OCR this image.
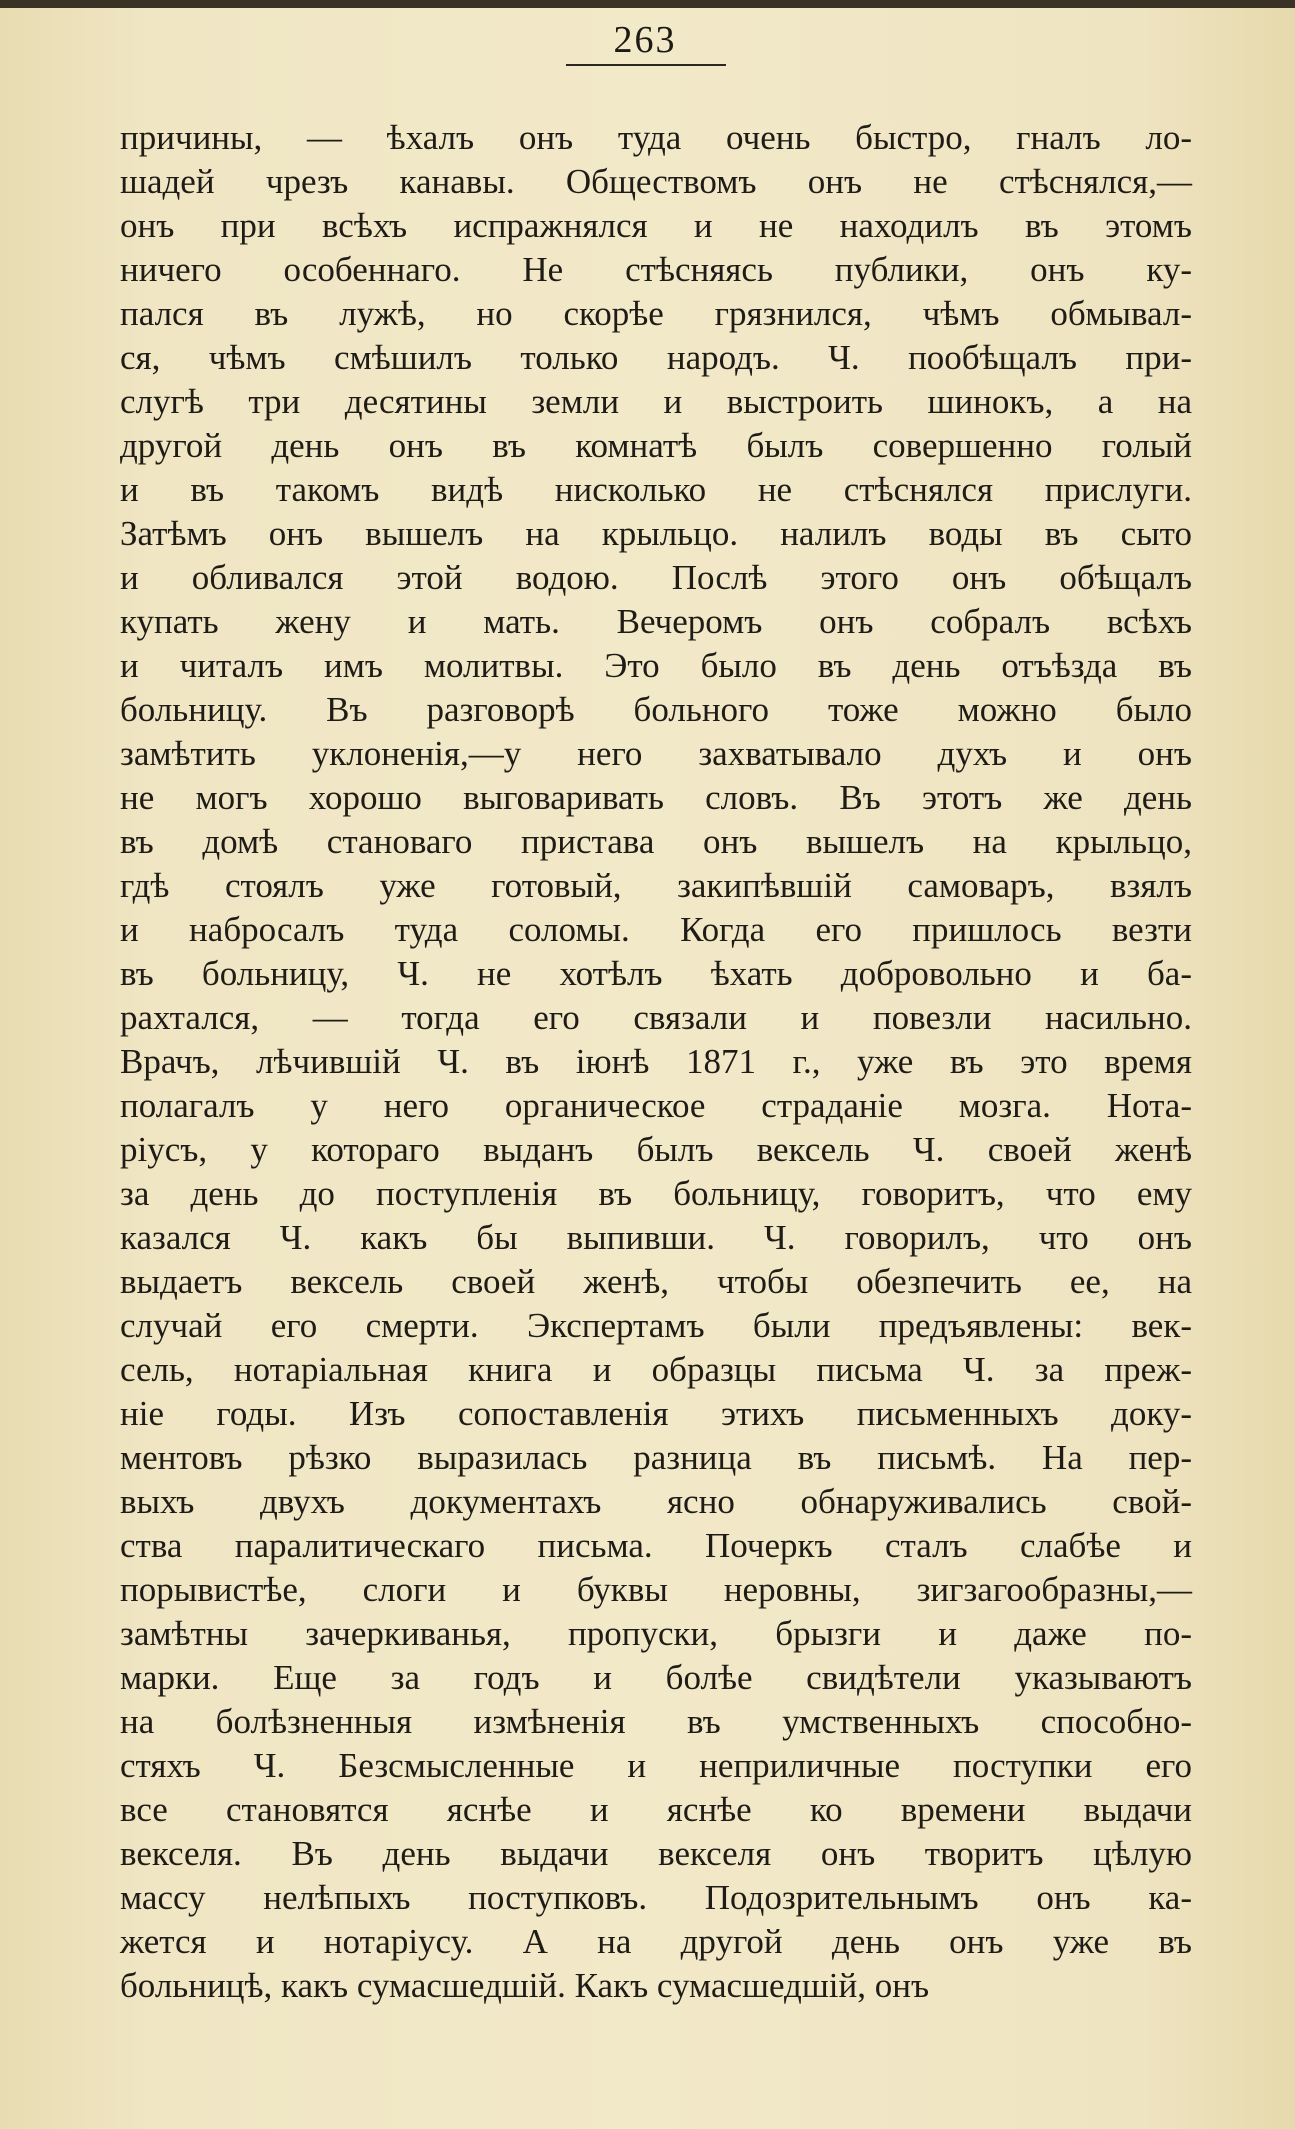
263
причины, — ѣхалъ онъ туда очень быстро, гналъ ло-
шадей чрезъ канавы. Обществомъ онъ не стѣснялся,—
онъ при всѣхъ испражнялся и не находилъ въ этомъ
ничего особеннаго. Не стѣсняясь публики, онъ ку-
пался въ лужѣ, но скорѣе грязнился, чѣмъ обмывал-
ся, чѣмъ смѣшилъ только народъ. Ч. пообѣщалъ при-
слугѣ три десятины земли и выстроить шинокъ, а на
другой день онъ въ комнатѣ былъ совершенно голый
и въ такомъ видѣ нисколько не стѣснялся прислуги.
Затѣмъ онъ вышелъ на крыльцо. налилъ воды въ сыто
и обливался этой водою. Послѣ этого онъ обѣщалъ
купать жену и мать. Вечеромъ онъ собралъ всѣхъ
и читалъ имъ молитвы. Это было въ день отъѣзда въ
больницу. Въ разговорѣ больного тоже можно было
замѣтить уклоненія,—у него захватывало духъ и онъ
не могъ хорошо выговаривать словъ. Въ этотъ же день
въ домѣ становаго пристава онъ вышелъ на крыльцо,
гдѣ стоялъ уже готовый, закипѣвшій самоваръ, взялъ
и набросалъ туда соломы. Когда его пришлось везти
въ больницу, Ч. не хотѣлъ ѣхать добровольно и ба-
рахтался, — тогда его связали и повезли насильно.
Врачъ, лѣчившій Ч. въ іюнѣ 1871 г., уже въ это время
полагалъ у него органическое страданіе мозга. Нота-
ріусъ, у котораго выданъ былъ вексель Ч. своей женѣ
за день до поступленія въ больницу, говоритъ, что ему
казался Ч. какъ бы выпивши. Ч. говорилъ, что онъ
выдаетъ вексель своей женѣ, чтобы обезпечить ее, на
случай его смерти. Экспертамъ были предъявлены: век-
сель, нотаріальная книга и образцы письма Ч. за преж-
ніе годы. Изъ сопоставленія этихъ письменныхъ доку-
ментовъ рѣзко выразилась разница въ письмѣ. На пер-
выхъ двухъ документахъ ясно обнаруживались свой-
ства паралитическаго письма. Почеркъ сталъ слабѣе и
порывистѣе, слоги и буквы неровны, зигзагообразны,—
замѣтны зачеркиванья, пропуски, брызги и даже по-
марки. Еще за годъ и болѣе свидѣтели указываютъ
на болѣзненныя измѣненія въ умственныхъ способно-
стяхъ Ч. Безсмысленные и неприличные поступки его
все становятся яснѣе и яснѣе ко времени выдачи
векселя. Въ день выдачи векселя онъ творитъ цѣлую
массу нелѣпыхъ поступковъ. Подозрительнымъ онъ ка-
жется и нотаріусу. А на другой день онъ уже въ
больницѣ, какъ сумасшедшій. Какъ сумасшедшій, онъ
